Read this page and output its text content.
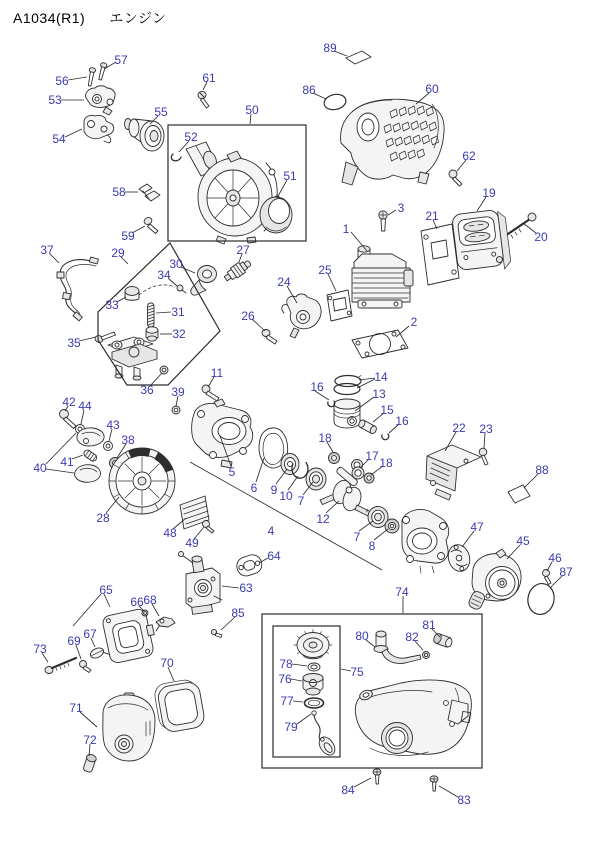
A1034(R1) エンジン
1
2
3
4
5
6
7
7
8
9 10
11
12
13
14
15
16
16
17
18
18
19
20
21
22 23
24
25
26
27
28
29
30
31
32
33
34
35
36
37
38
39
40 41
42
43
44
45
46
47
48
49
50
51
52
53
54
55
56
57
58
59
60
61
62
63
64
65
66
67
68
69
70
71
72
73
74
75
76
77
78
79
80
81
82
83
84
85
86
87
88
89
